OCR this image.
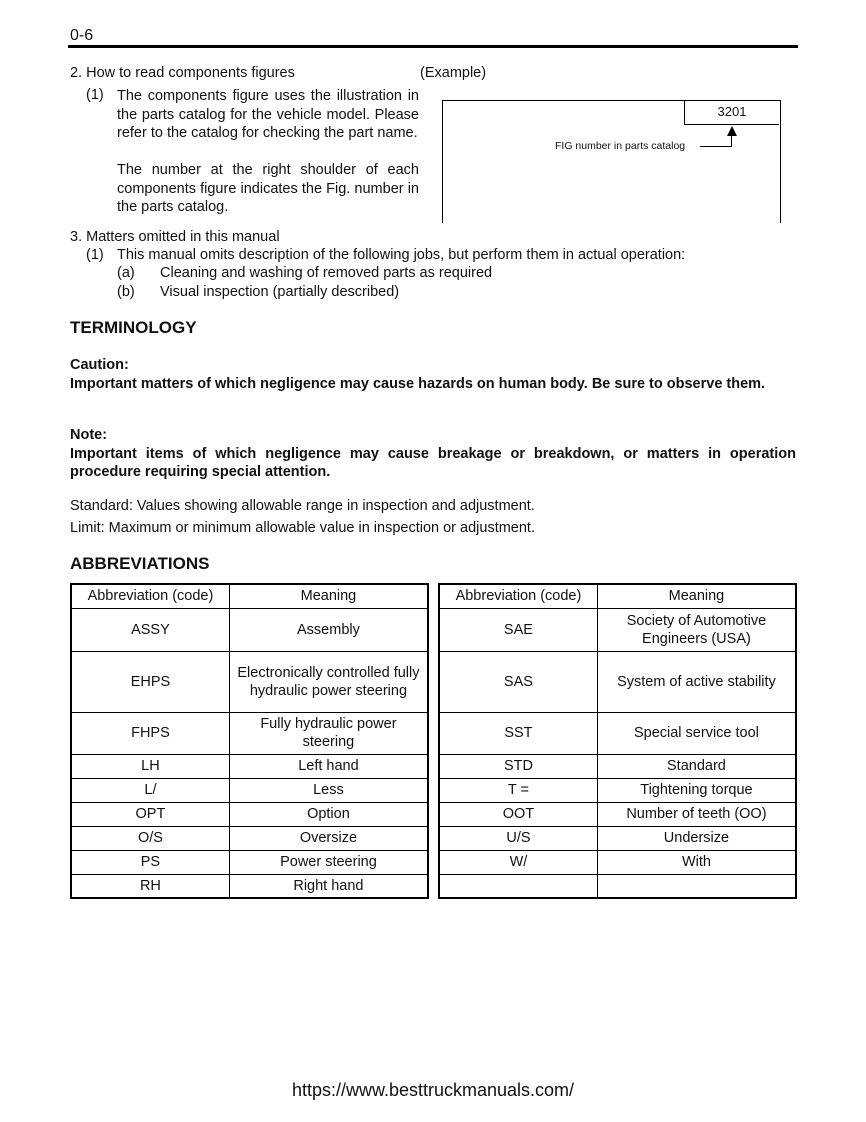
0-6
2. How to read components figures	(Example)
(1) The components figure uses the illustration in the parts catalog for the vehicle model. Please refer to the catalog for checking the part name.
The number at the right shoulder of each components figure indicates the Fig. number in the parts catalog.
3201
FIG number in parts catalog
3. Matters omitted in this manual
(1) This manual omits description of the following jobs, but perform them in actual operation:
(a) Cleaning and washing of removed parts as required
(b) Visual inspection (partially described)
TERMINOLOGY
Caution:
Important matters of which negligence may cause hazards on human body. Be sure to observe them.
Note:
Important items of which negligence may cause breakage or breakdown, or matters in operation procedure requiring special attention.
Standard: Values showing allowable range in inspection and adjustment.
Limit: Maximum or minimum allowable value in inspection or adjustment.
ABBREVIATIONS
Abbreviation (code)	Meaning
ASSY	Assembly
EHPS	Electronically controlled fully hydraulic power steering
FHPS	Fully hydraulic power steering
LH	Left hand
L/	Less
OPT	Option
O/S	Oversize
PS	Power steering
RH	Right hand
Abbreviation (code)	Meaning
SAE	Society of Automotive Engineers (USA)
SAS	System of active stability
SST	Special service tool
STD	Standard
T =	Tightening torque
OOT	Number of teeth (OO)
U/S	Undersize
W/	With

https://www.besttruckmanuals.com/
